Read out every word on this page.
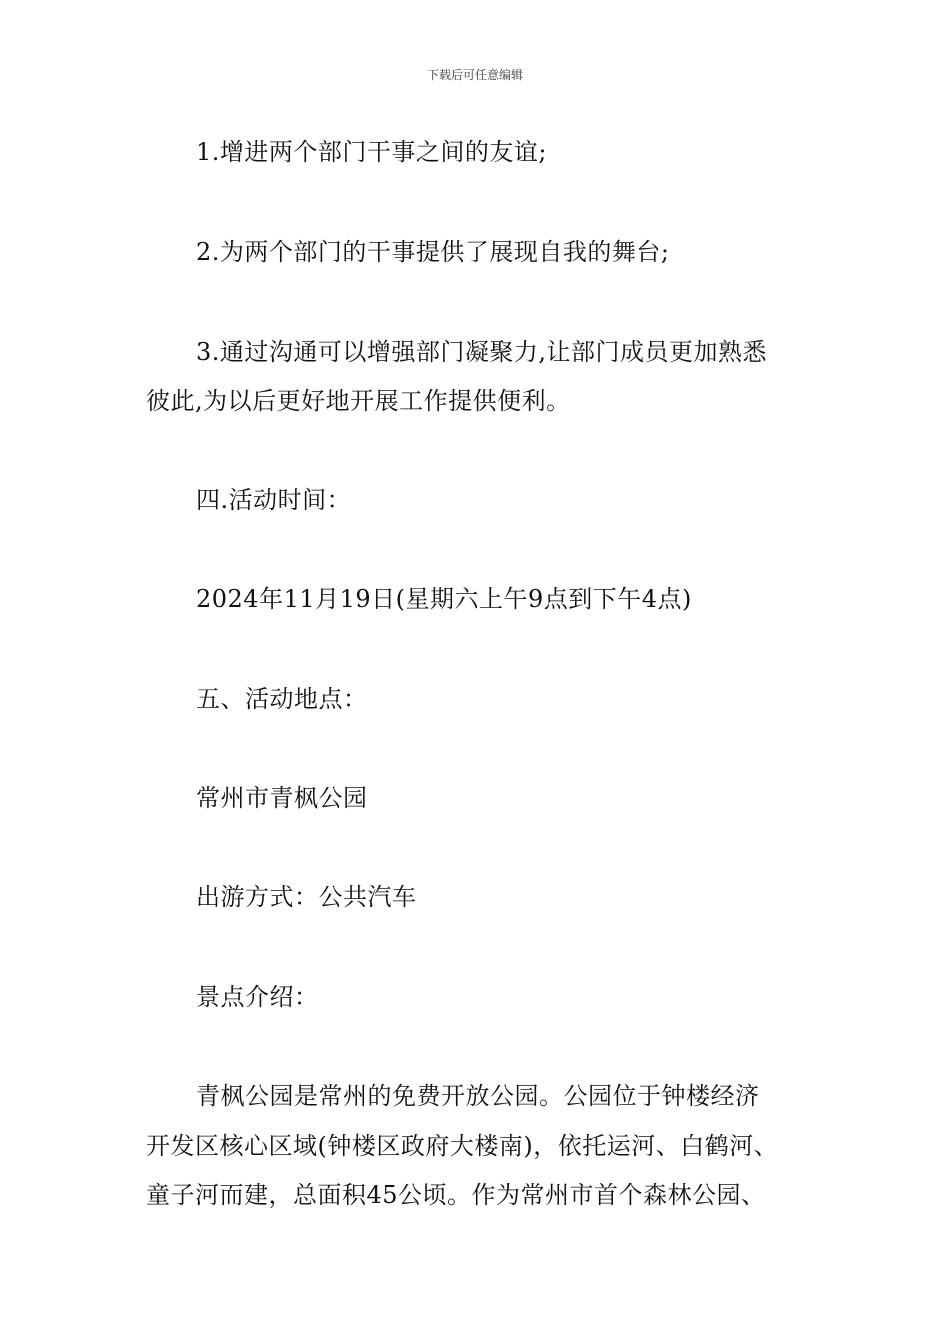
下载后可任意编辑
1.增进两个部门干事之间的友谊;
2.为两个部门的干事提供了展现自我的舞台;
3.通过沟通可以增强部门凝聚力,让部门成员更加熟悉
彼此,为以后更好地开展工作提供便利。
四.活动时间：
2024年11月19日(星期六上午9点到下午4点)
五、活动地点：
常州市青枫公园
出游方式：公共汽车
景点介绍：
青枫公园是常州的免费开放公园。公园位于钟楼经济
开发区核心区域(钟楼区政府大楼南)，依托运河、白鹤河、
童子河而建，总面积45公顷。作为常州市首个森林公园、
